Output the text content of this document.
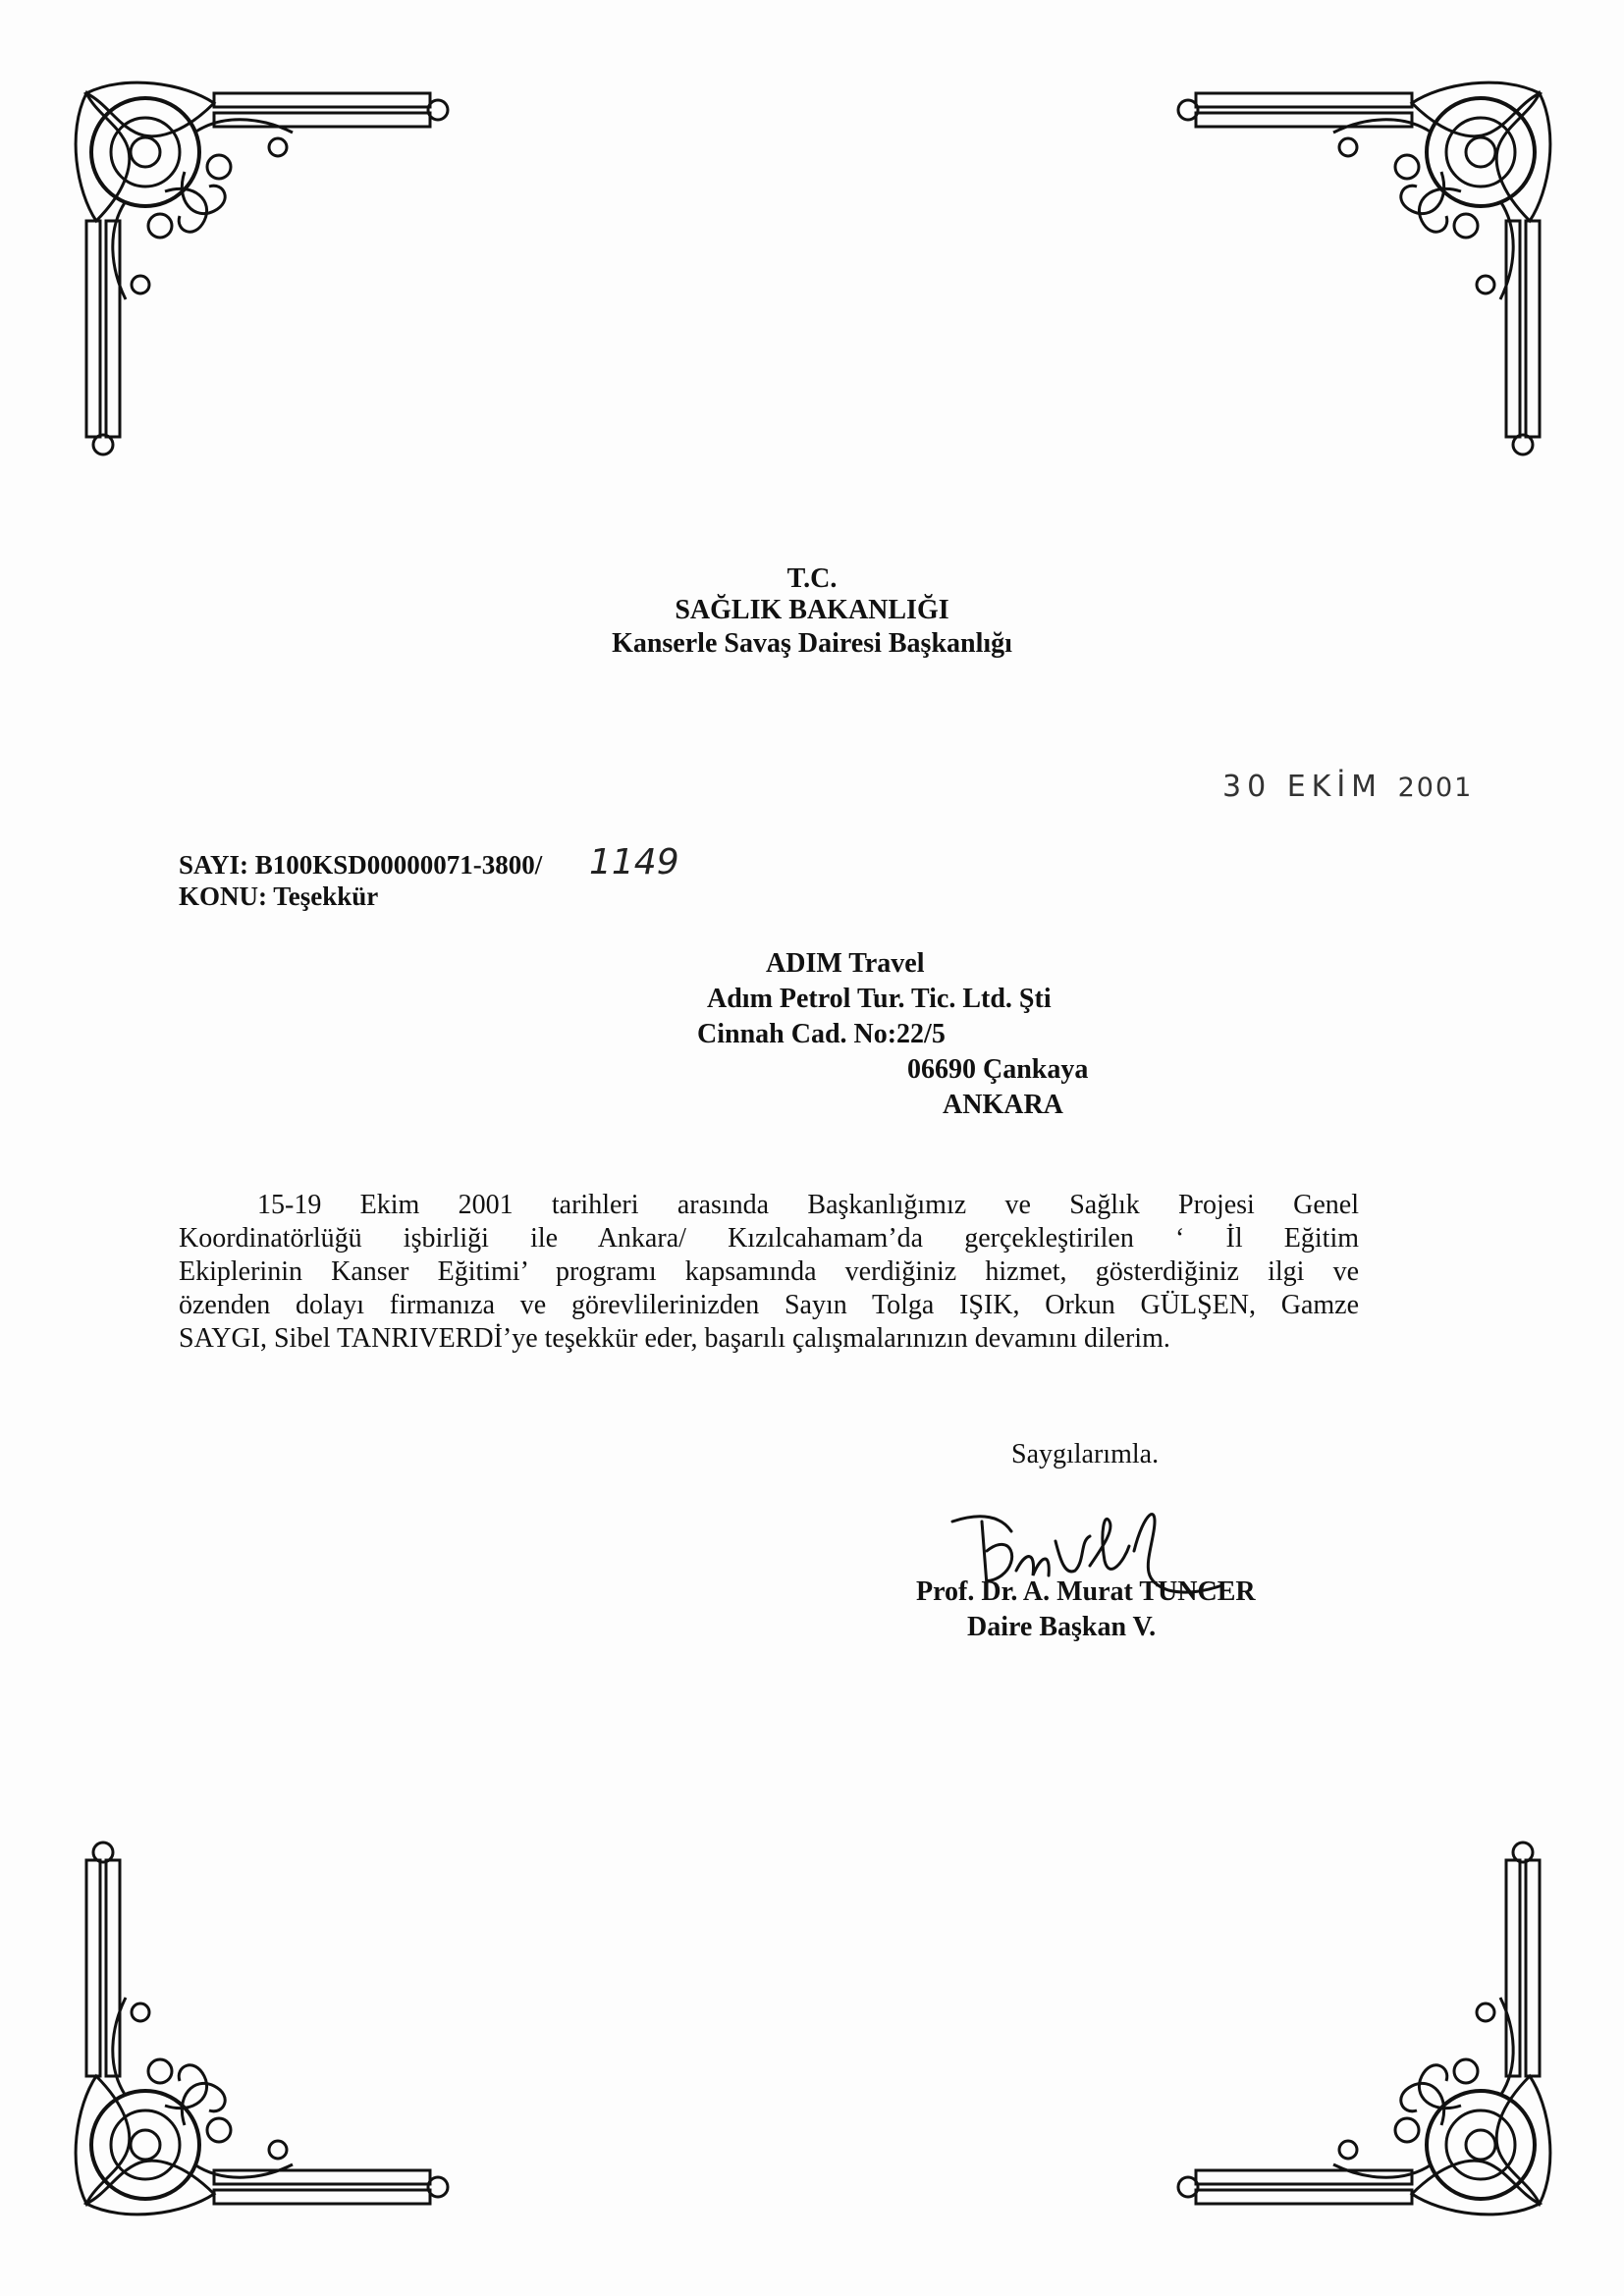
T.C.
SAĞLIK BAKANLIĞI
Kanserle Savaş Dairesi Başkanlığı
30 EKİM 2001
SAYI: B100KSD00000071-3800/ 1149
KONU: Teşekkür
ADIM Travel
Adım Petrol Tur. Tic. Ltd. Şti
Cinnah Cad. No:22/5
06690 Çankaya
ANKARA
15-19 Ekim 2001 tarihleri arasında Başkanlığımız ve Sağlık Projesi Genel
Koordinatörlüğü işbirliği ile Ankara/ Kızılcahamam’da gerçekleştirilen ‘ İl Eğitim
Ekiplerinin Kanser Eğitimi’ programı kapsamında verdiğiniz hizmet, gösterdiğiniz ilgi ve
özenden dolayı firmanıza ve görevlilerinizden Sayın Tolga IŞIK, Orkun GÜLŞEN, Gamze
SAYGI, Sibel TANRIVERDİ’ye teşekkür eder, başarılı çalışmalarınızın devamını dilerim.
Saygılarımla.
Prof. Dr. A. Murat TUNCER
Daire Başkan V.
